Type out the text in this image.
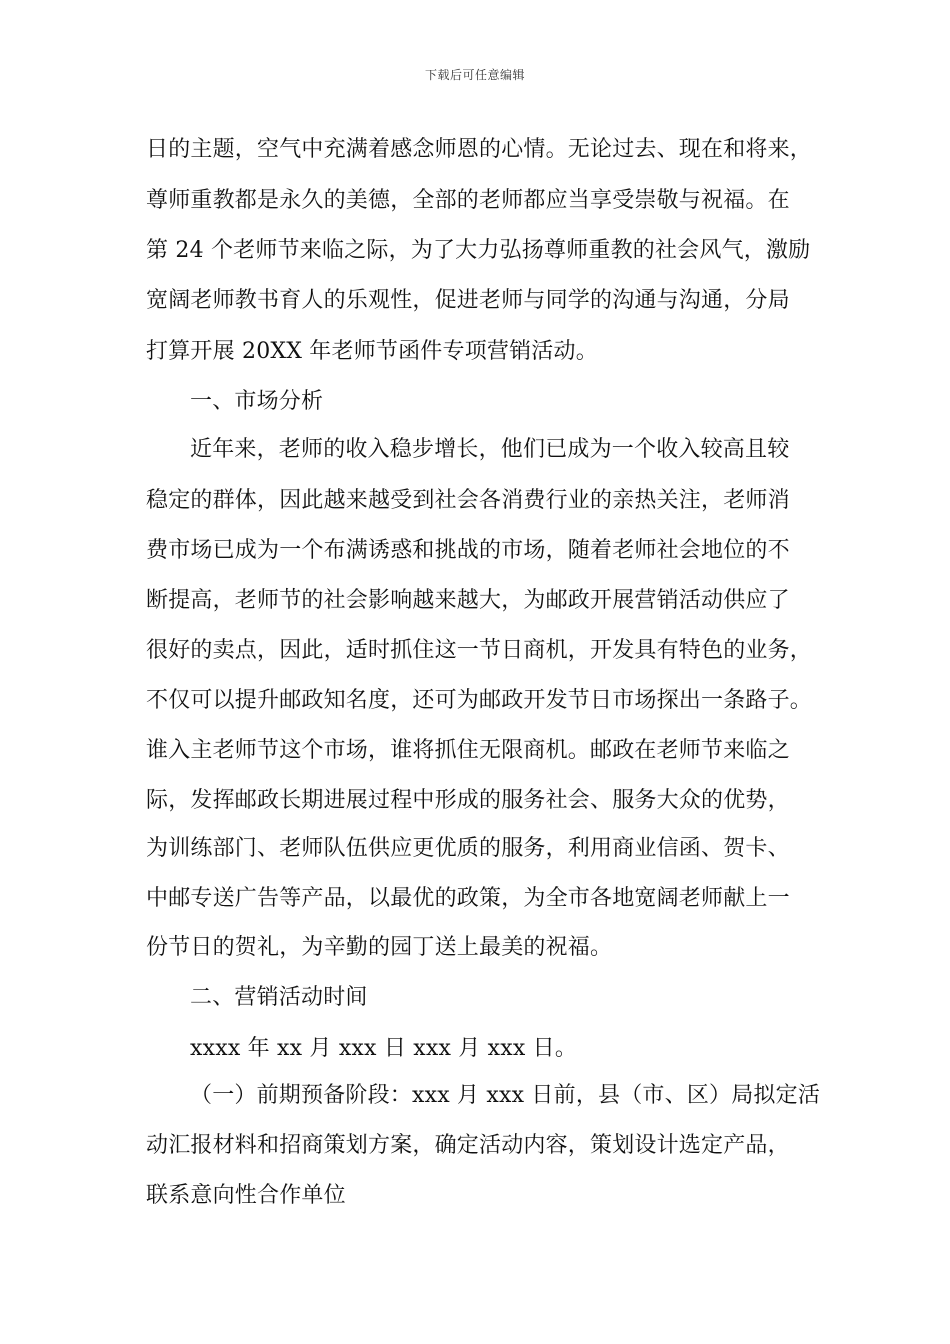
下载后可任意编辑
日的主题，空气中充满着感念师恩的心情。无论过去、现在和将来，
尊师重教都是永久的美德，全部的老师都应当享受崇敬与祝福。在
第 24 个老师节来临之际，为了大力弘扬尊师重教的社会风气，激励
宽阔老师教书育人的乐观性，促进老师与同学的沟通与沟通，分局
打算开展 20XX 年老师节函件专项营销活动。
一、市场分析
近年来，老师的收入稳步增长，他们已成为一个收入较高且较
稳定的群体，因此越来越受到社会各消费行业的亲热关注，老师消
费市场已成为一个布满诱惑和挑战的市场，随着老师社会地位的不
断提高，老师节的社会影响越来越大，为邮政开展营销活动供应了
很好的卖点，因此，适时抓住这一节日商机，开发具有特色的业务，
不仅可以提升邮政知名度，还可为邮政开发节日市场探出一条路子。
谁入主老师节这个市场，谁将抓住无限商机。邮政在老师节来临之
际，发挥邮政长期进展过程中形成的服务社会、服务大众的优势，
为训练部门、老师队伍供应更优质的服务，利用商业信函、贺卡、
中邮专送广告等产品，以最优的政策，为全市各地宽阔老师献上一
份节日的贺礼，为辛勤的园丁送上最美的祝福。
二、营销活动时间
xxxx 年 xx 月 xxx 日 xxx 月 xxx 日。
（一）前期预备阶段：xxx 月 xxx 日前，县（市、区）局拟定活
动汇报材料和招商策划方案，确定活动内容，策划设计选定产品，
联系意向性合作单位
